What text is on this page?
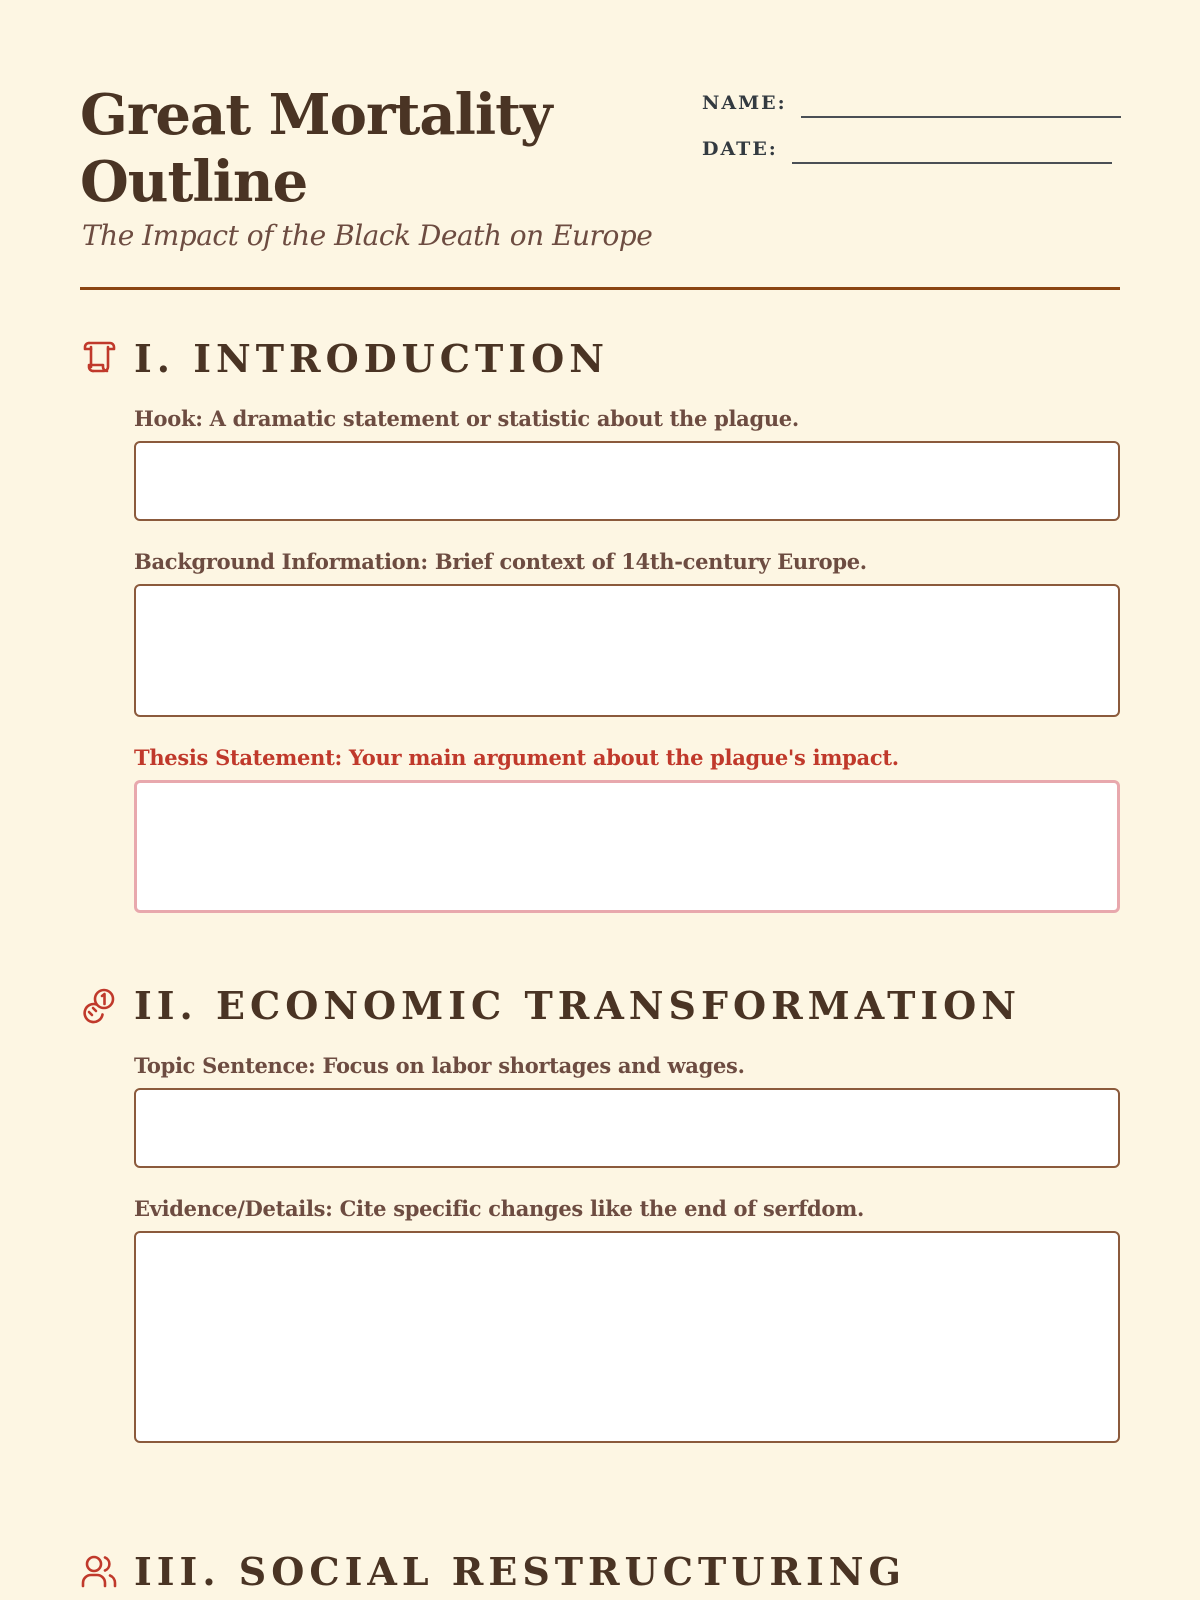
Great Mortality Outline

The Impact of the Black Death on Europe

NAME:
DATE:
I. INTRODUCTION
Hook: A dramatic statement or statistic about the plague.
Background Information: Brief context of 14th-century Europe.
Thesis Statement: Your main argument about the plague's impact.
II. ECONOMIC TRANSFORMATION
Topic Sentence: Focus on labor shortages and wages.
Evidence/Details: Cite specific changes like the end of serfdom.
III. SOCIAL RESTRUCTURING
